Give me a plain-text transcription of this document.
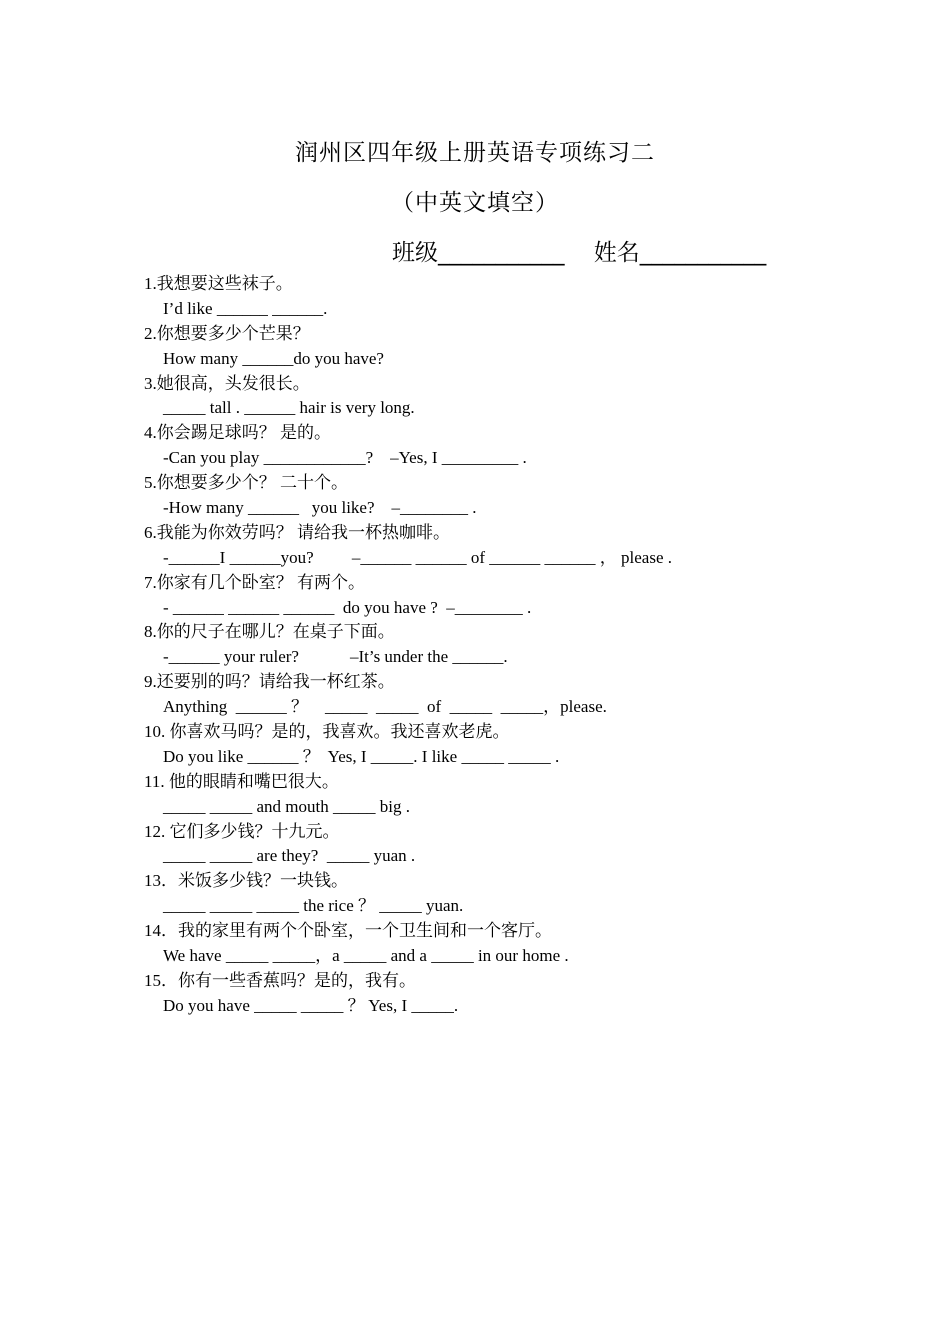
润州区四年级上册英语专项练习二
（中英文填空）
班级___________    姓名___________
1.我想要这些袜子。
I’d like ______ ______.
2.你想要多少个芒果？
How many ______do you have?
3.她很高，头发很长。
_____ tall . ______ hair is very long.
4.你会踢足球吗？ 是的。
-Can you play ____________?    –Yes, I _________ .
5.你想要多少个？ 二十个。
-How many ______   you like?    –________ .
6.我能为你效劳吗？ 请给我一杯热咖啡。
-______I ______you?         –______ ______ of ______ ______ ， please .
7.你家有几个卧室？ 有两个。
- ______ ______ ______  do you have ?  –________ .
8.你的尺子在哪儿？在桌子下面。
-______ your ruler?            –It’s under the ______.
9.还要别的吗？请给我一杯红茶。
Anything  ______ ？    _____  _____  of  _____  _____，please.
10. 你喜欢马吗？是的，我喜欢。我还喜欢老虎。
Do you like ______ ？  Yes, I _____. I like _____ _____ .
11. 他的眼睛和嘴巴很大。
_____ _____ and mouth _____ big .
12. 它们多少钱？十九元。
_____ _____ are they?  _____ yuan .
13．米饭多少钱？一块钱。
_____ _____ _____ the rice ？ _____ yuan.
14．我的家里有两个个卧室，一个卫生间和一个客厅。
We have _____ _____，a _____ and a _____ in our home .
15．你有一些香蕉吗？是的，我有。
Do you have _____ _____ ？ Yes, I _____.
